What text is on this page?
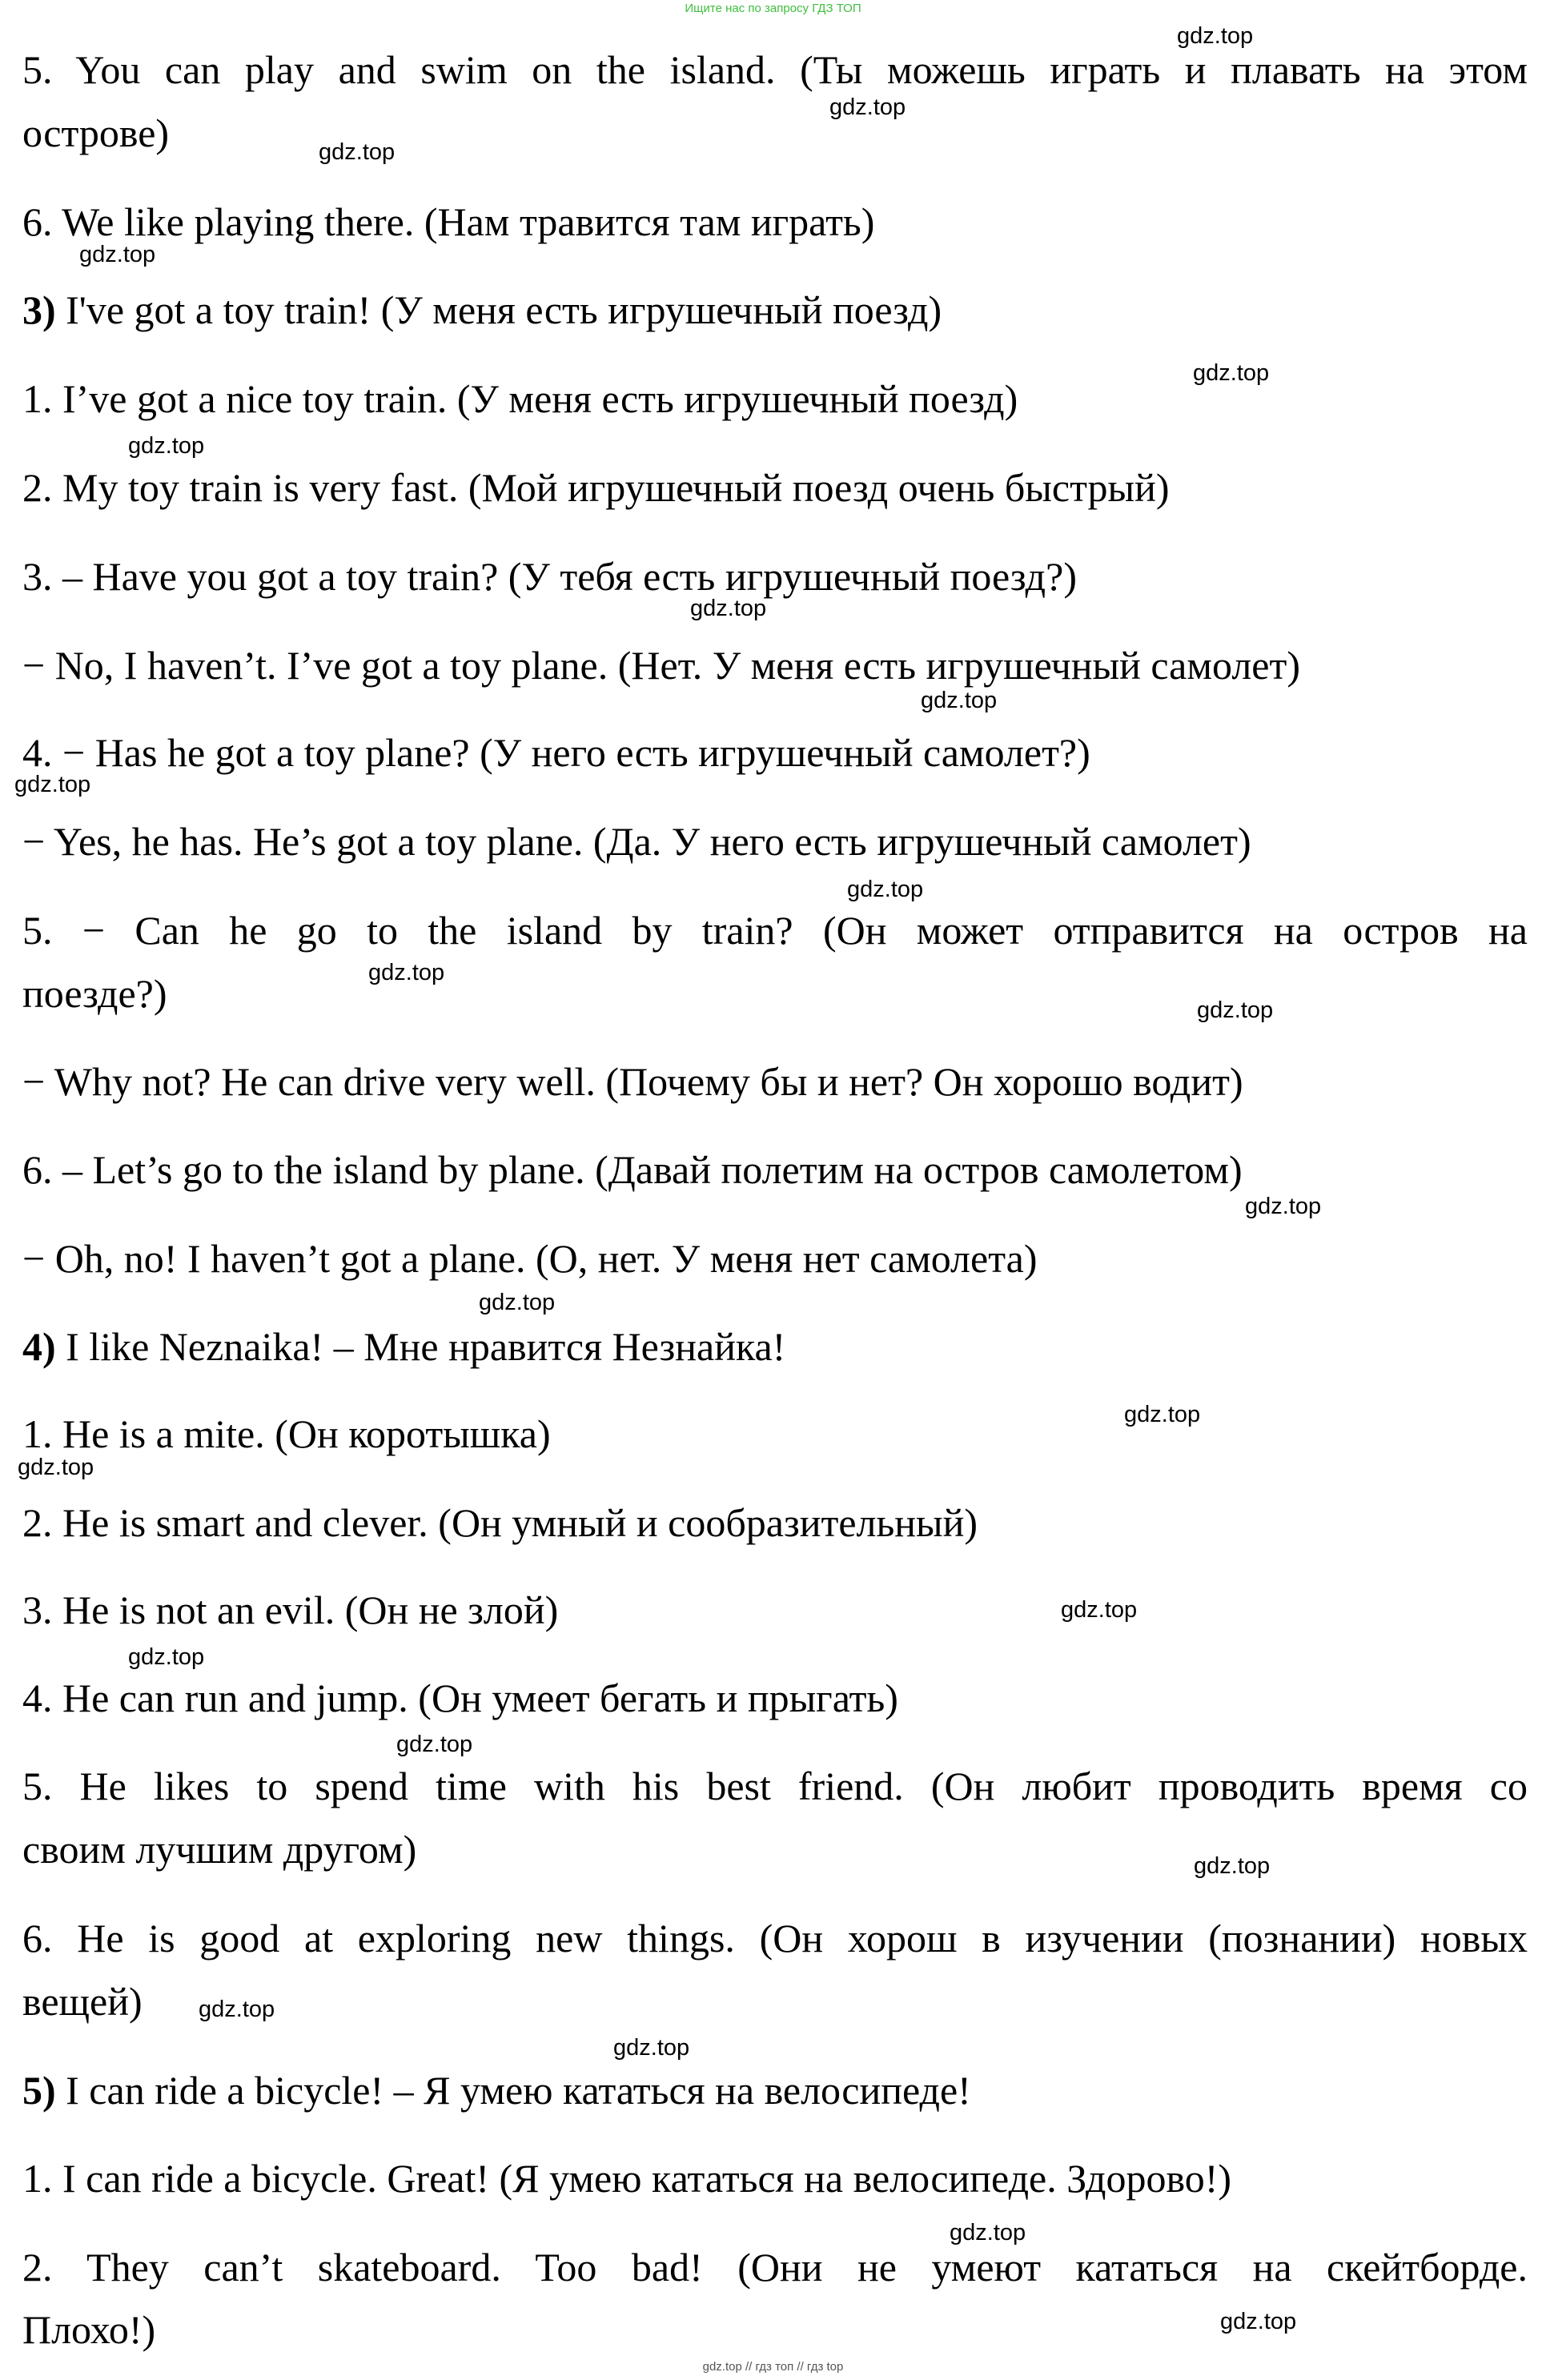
Ищите нас по запросу ГДЗ ТОП
5. You can play and swim on the island. (Ты можешь играть и плавать на этом
острове)
6. We like playing there. (Нам травится там играть)
3) I've got a toy train! (У меня есть игрушечный поезд)
1. I’ve got a nice toy train. (У меня есть игрушечный поезд)
2. My toy train is very fast. (Мой игрушечный поезд очень быстрый)
3. – Have you got a toy train? (У тебя есть игрушечный поезд?)
− No, I haven’t. I’ve got a toy plane. (Нет. У меня есть игрушечный самолет)
4. − Has he got a toy plane? (У него есть игрушечный самолет?)
− Yes, he has. He’s got a toy plane. (Да. У него есть игрушечный самолет)
5. − Can he go to the island by train? (Он может отправится на остров на
поезде?)
− Why not? He can drive very well. (Почему бы и нет? Он хорошо водит)
6. – Let’s go to the island by plane. (Давай полетим на остров самолетом)
− Oh, no! I haven’t got a plane. (О, нет. У меня нет самолета)
4) I like Neznaika! – Мне нравится Незнайка!
1. He is a mite. (Он коротышка)
2. He is smart and clever. (Он умный и сообразительный)
3. He is not an evil. (Он не злой)
4. He can run and jump. (Он умеет бегать и прыгать)
5. He likes to spend time with his best friend. (Он любит проводить время со
своим лучшим другом)
6. He is good at exploring new things. (Он хорош в изучении (познании) новых
вещей)
5) I can ride a bicycle! – Я умею кататься на велосипеде!
1. I can ride a bicycle. Great! (Я умею кататься на велосипеде. Здорово!)
2. They can’t skateboard. Too bad! (Они не умеют кататься на скейтборде.
Плохо!)
gdz.top
gdz.top
gdz.top
gdz.top
gdz.top
gdz.top
gdz.top
gdz.top
gdz.top
gdz.top
gdz.top
gdz.top
gdz.top
gdz.top
gdz.top
gdz.top
gdz.top
gdz.top
gdz.top
gdz.top
gdz.top
gdz.top
gdz.top
gdz.top
gdz.top // гдз топ // гдз top
